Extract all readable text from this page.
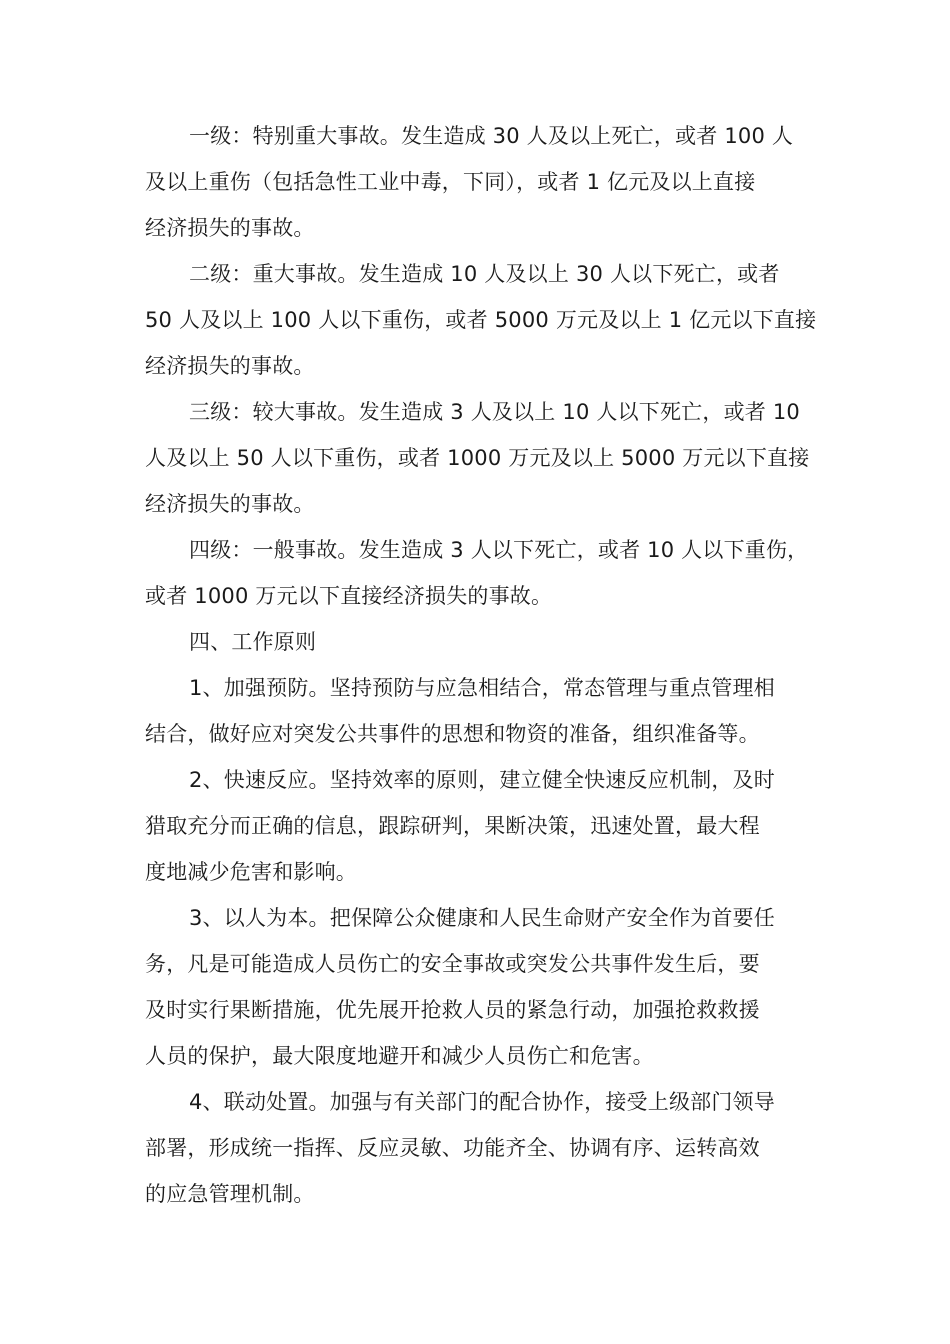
一级：特别重大事故。发生造成 30 人及以上死亡，或者 100 人
及以上重伤（包括急性工业中毒，下同），或者 1 亿元及以上直接
经济损失的事故。
二级：重大事故。发生造成 10 人及以上 30 人以下死亡，或者
50 人及以上 100 人以下重伤，或者 5000 万元及以上 1 亿元以下直接
经济损失的事故。
三级：较大事故。发生造成 3 人及以上 10 人以下死亡，或者 10
人及以上 50 人以下重伤，或者 1000 万元及以上 5000 万元以下直接
经济损失的事故。
四级：一般事故。发生造成 3 人以下死亡，或者 10 人以下重伤，
或者 1000 万元以下直接经济损失的事故。
四、工作原则
1、加强预防。坚持预防与应急相结合，常态管理与重点管理相
结合，做好应对突发公共事件的思想和物资的准备，组织准备等。
2、快速反应。坚持效率的原则，建立健全快速反应机制，及时
猎取充分而正确的信息，跟踪研判，果断决策，迅速处置，最大程
度地减少危害和影响。
3、以人为本。把保障公众健康和人民生命财产安全作为首要任
务，凡是可能造成人员伤亡的安全事故或突发公共事件发生后，要
及时实行果断措施，优先展开抢救人员的紧急行动，加强抢救救援
人员的保护，最大限度地避开和减少人员伤亡和危害。
4、联动处置。加强与有关部门的配合协作，接受上级部门领导
部署，形成统一指挥、反应灵敏、功能齐全、协调有序、运转高效
的应急管理机制。
